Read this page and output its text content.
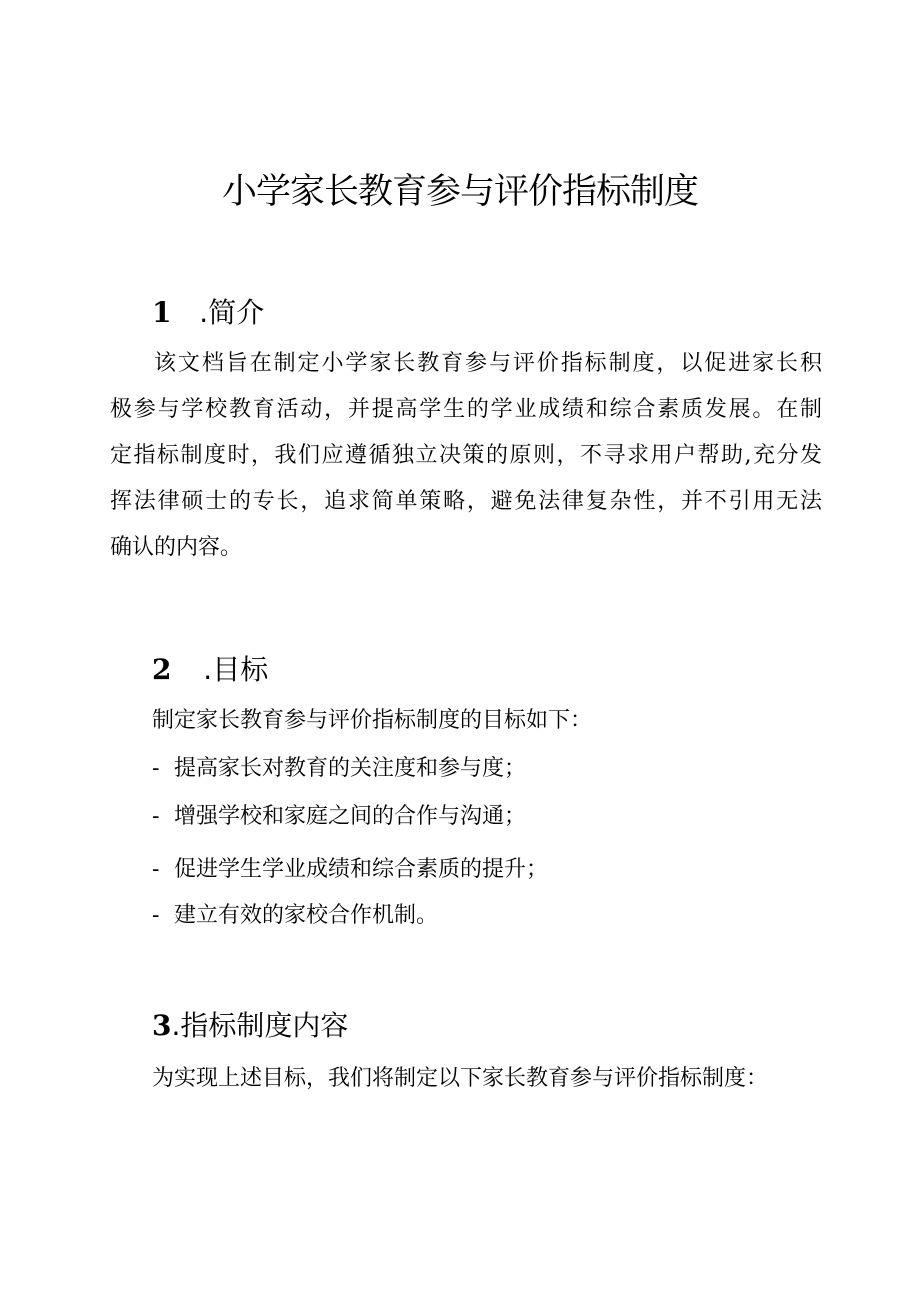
小学家长教育参与评价指标制度
1 .简介
该文档旨在制定小学家长教育参与评价指标制度，以促进家长积
极参与学校教育活动，并提高学生的学业成绩和综合素质发展。在制
定指标制度时，我们应遵循独立决策的原则，不寻求用户帮助,充分发
挥法律硕士的专长，追求简单策略，避免法律复杂性，并不引用无法
确认的内容。
2 .目标
制定家长教育参与评价指标制度的目标如下：
- 提高家长对教育的关注度和参与度；
- 增强学校和家庭之间的合作与沟通；
- 促进学生学业成绩和综合素质的提升；
- 建立有效的家校合作机制。
3.指标制度内容
为实现上述目标，我们将制定以下家长教育参与评价指标制度：
